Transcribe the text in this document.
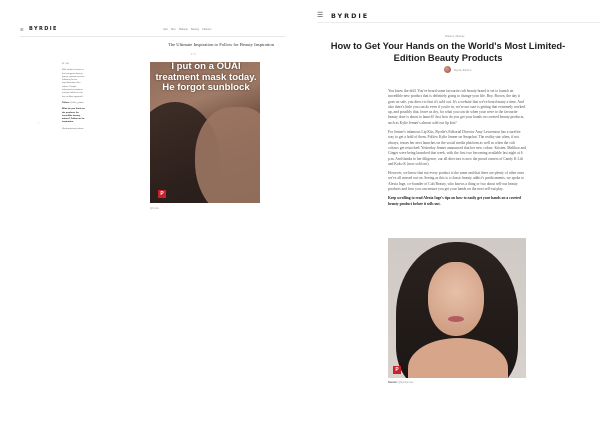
☰ BYRDIE	Hair Skin Makeup Beauty Fashion
The Ultimate Inspiration to Follow for Beauty Inspiration
2 / 9

01 / 09

Ellie Jordan: known as the Instagram beauty queen, gained massive following for her transformative skin videos. People interested in products and tips follow her for her no-filter approach.

Follow: @ellie_jordan

What do you think are the products for incredible beauty advice? Follow on for inspiration.

Sharing beauty advice

‹
I put on a OUAI treatment mask today. He forgot sunblock
P
@byrdie
☰ BYRDIE
Makeup | Beauty
How to Get Your Hands on the World's Most Limited-Edition Beauty Products
Byrdie Editors

You know the drill. You've heard some favourite cult beauty brand is set to launch an incredible new product that is definitely going to change your life. Boy, Brown, the day it goes on sale, you direct to that it's sold out. It's a website that we've heard many a time. And also there's little you can do even if you're in, we're not sure is getting that extremely worked up, and possibly that, leave us dry, for what you can do when your were to the favourite beauty door is about to launch? Just how do you get your hands on coveted beauty products, such as Kylie Jenner's almost sold out lip kits?

For Jenner's infamous Lip Kits, Byrdie's Editorial Director Amy Lawrenson has a surefire way to get a hold of them. Follow Kylie Jenner on Snapchat. The reality star often, if not always, teases her next launches on the social media platform as well as when the cult colours get restocked. Yesterday Jenner announced that her new colour: Kristen, Maliboo and Ginger were being launched that week, with the first two becoming available last night at 6 p.m. And thanks to her diligence, our all directors is now the proud owners of Candy K Lift and Koko K (now sold out).

However, we know that not every product is the same and that there are plenty of other ones we've all missed out on. Seeing as this is a classic beauty addict's predicaments, we spoke to Alexia Inge, co-founder of Cult Beauty, who knows a thing or two about sell-out beauty products and how you can ensure you get your hands on the next sell-out play.

Keep scrolling to read Alexia Inge's tips on how to easily get your hands on a coveted beauty product before it sells out.

P
Source: @kyliejenner
